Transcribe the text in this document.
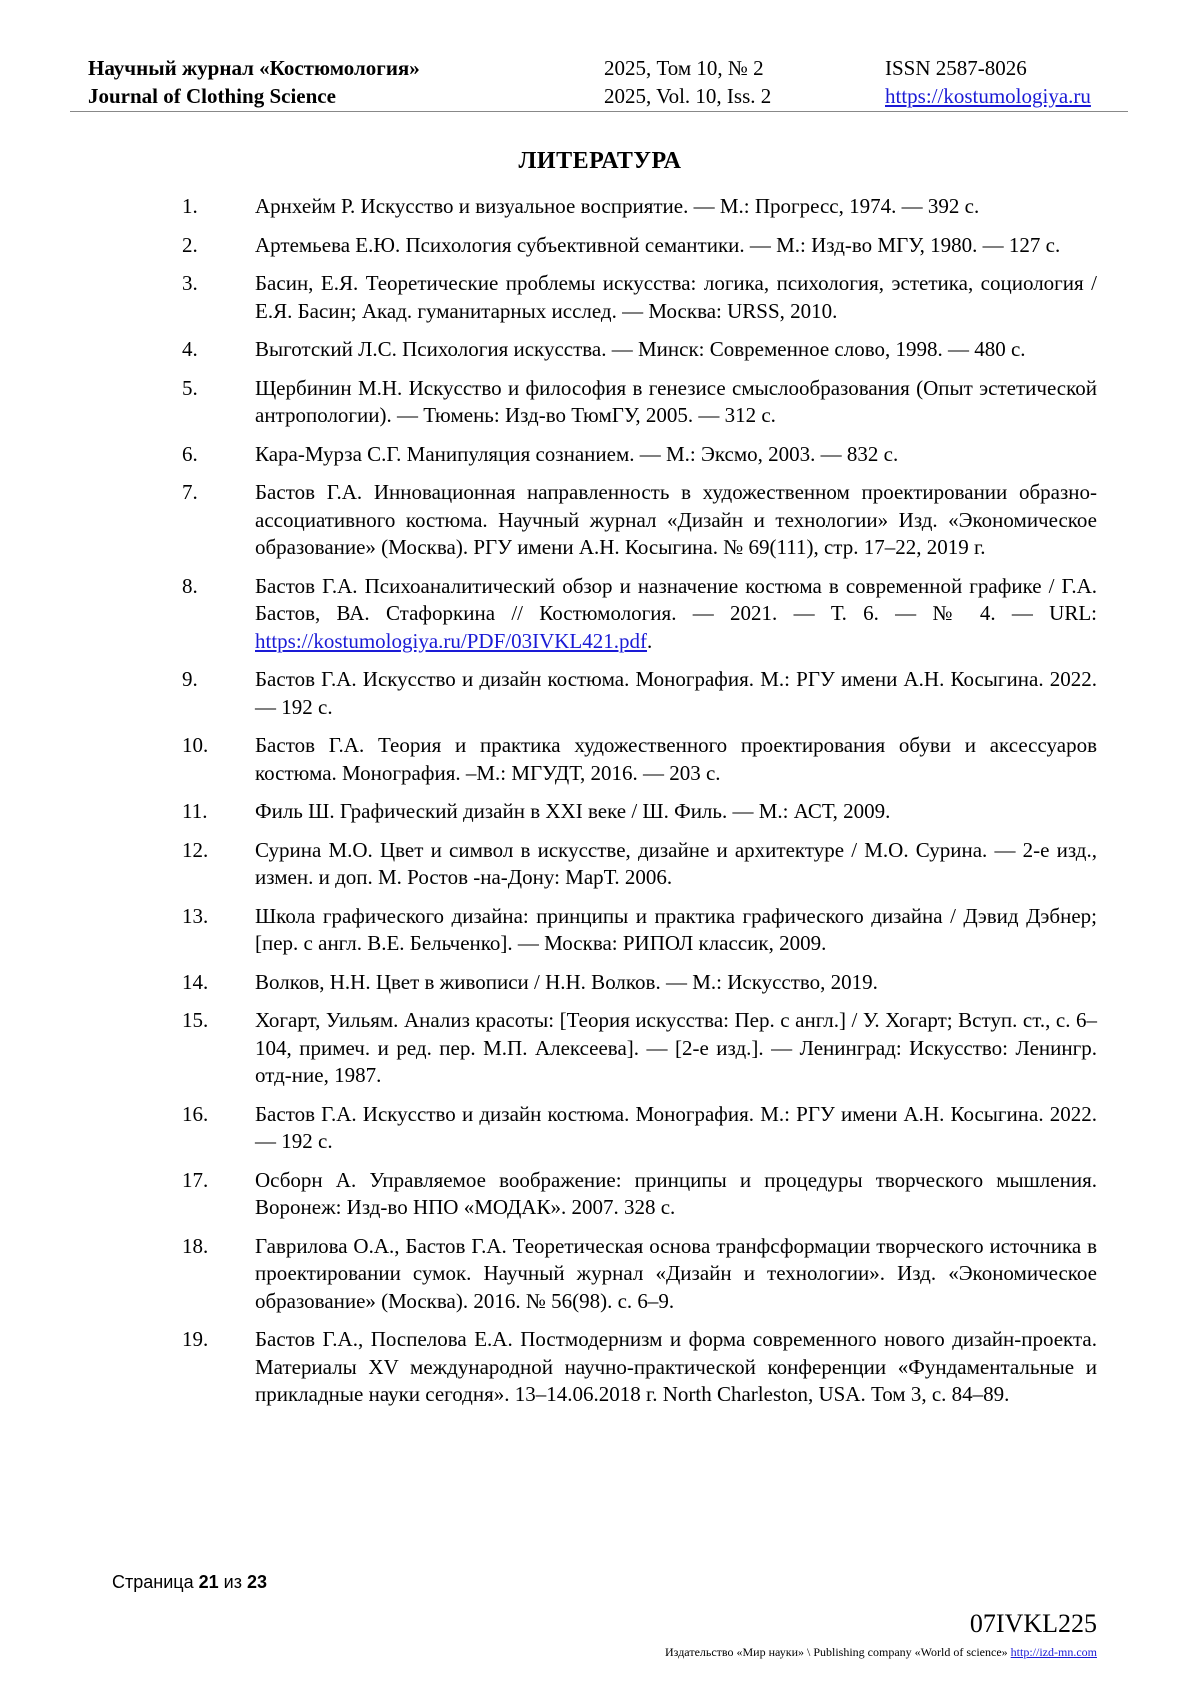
Научный журнал «Костюмология»
Journal of Clothing Science
2025, Том 10, № 2
2025, Vol. 10, Iss. 2
ISSN 2587-8026
https://kostumologiya.ru
ЛИТЕРАТУРА
1.	Арнхейм Р. Искусство и визуальное восприятие. — М.: Прогресс, 1974. — 392 с.
2.	Артемьева Е.Ю. Психология субъективной семантики. — М.: Изд-во МГУ, 1980. — 127 с.
3.	Басин, Е.Я. Теоретические проблемы искусства: логика, психология, эстетика, социология / Е.Я. Басин; Акад. гуманитарных исслед. — Москва: URSS, 2010.
4.	Выготский Л.С. Психология искусства. — Минск: Современное слово, 1998. — 480 с.
5.	Щербинин М.Н. Искусство и философия в генезисе смыслообразования (Опыт эстетической антропологии). — Тюмень: Изд-во ТюмГУ, 2005. — 312 с.
6.	Кара-Мурза С.Г. Манипуляция сознанием. — М.: Эксмо, 2003. — 832 с.
7.	Бастов Г.А. Инновационная направленность в художественном проектировании образно-ассоциативного костюма. Научный журнал «Дизайн и технологии» Изд. «Экономическое образование» (Москва). РГУ имени А.Н. Косыгина. № 69(111), стр. 17–22, 2019 г.
8.	Бастов Г.А. Психоаналитический обзор и назначение костюма в современной графике / Г.А. Бастов, ВА. Стафоркина // Костюмология. — 2021. — Т. 6. — № 4. — URL: https://kostumologiya.ru/PDF/03IVKL421.pdf.
9.	Бастов Г.А. Искусство и дизайн костюма. Монография. М.: РГУ имени А.Н. Косыгина. 2022. — 192 с.
10.	Бастов Г.А. Теория и практика художественного проектирования обуви и аксессуаров костюма. Монография. –М.: МГУДТ, 2016. — 203 с.
11.	Филь Ш. Графический дизайн в XXI веке / Ш. Филь. — М.: АСТ, 2009.
12.	Сурина М.О. Цвет и символ в искусстве, дизайне и архитектуре / М.О. Сурина. — 2-е изд., измен. и доп. М. Ростов -на-Дону: МарТ. 2006.
13.	Школа графического дизайна: принципы и практика графического дизайна / Дэвид Дэбнер; [пер. с англ. В.Е. Бельченко]. — Москва: РИПОЛ классик, 2009.
14.	Волков, Н.Н. Цвет в живописи / Н.Н. Волков. — М.: Искусство, 2019.
15.	Хогарт, Уильям. Анализ красоты: [Теория искусства: Пер. с англ.] / У. Хогарт; Вступ. ст., с. 6–104, примеч. и ред. пер. М.П. Алексеева]. — [2-е изд.]. — Ленинград: Искусство: Ленингр. отд-ние, 1987.
16.	Бастов Г.А. Искусство и дизайн костюма. Монография. М.: РГУ имени А.Н. Косыгина. 2022. — 192 с.
17.	Осборн А. Управляемое воображение: принципы и процедуры творческого мышления. Воронеж: Изд-во НПО «МОДАК». 2007. 328 с.
18.	Гаврилова О.А., Бастов Г.А. Теоретическая основа транфсформации творческого источника в проектировании сумок. Научный журнал «Дизайн и технологии». Изд. «Экономическое образование» (Москва). 2016. № 56(98). с. 6–9.
19.	Бастов Г.А., Поспелова Е.А. Постмодернизм и форма современного нового дизайн-проекта. Материалы XV международной научно-практической конференции «Фундаментальные и прикладные науки сегодня». 13–14.06.2018 г. North Charleston, USA. Том 3, с. 84–89.
Страница 21 из 23
07IVKL225
Издательство «Мир науки» \ Publishing company «World of science» http://izd-mn.com
